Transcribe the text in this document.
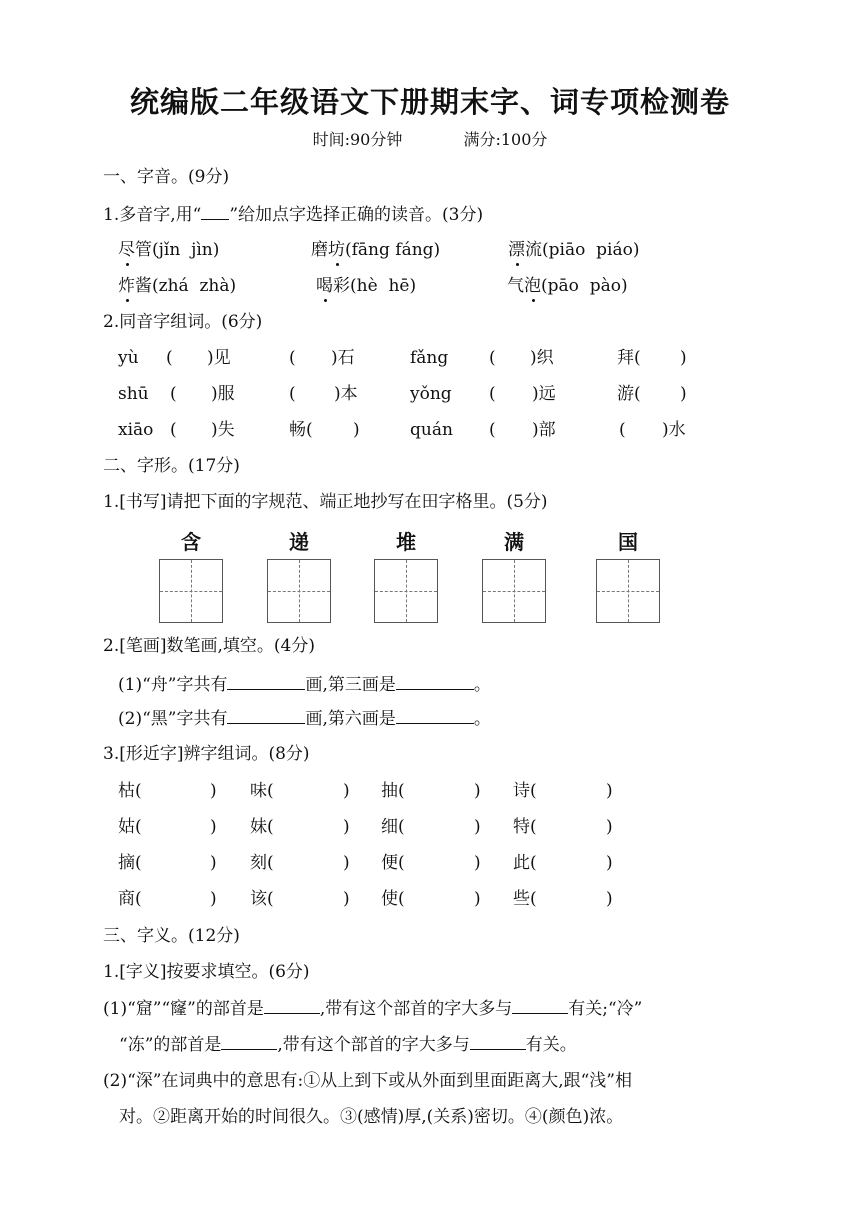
统编版二年级语文下册期末字、词专项检测卷
时间:90分钟	满分:100分
一、字音。(9分)
1.多音字,用“ ”给加点字选择正确的读音。(3分)
尽管(jǐn  jìn)	磨坊(fāng fáng)	漂流(piāo  piáo)
炸酱(zhá  zhà)	喝彩(hè  hē)	气泡(pāo  pào)
2.同音字组词。(6分)
yù ( )见	( )石	fǎng ( )织	拜( )
shū ( )服	( )本	yǒng ( )远	游( )
xiāo ( )失	畅( )	quán ( )部	( )水
二、字形。(17分)
1.[书写]请把下面的字规范、端正地抄写在田字格里。(5分)
含	递	堆	满	国
2.[笔画]数笔画,填空。(4分)
(1)“舟”字共有	画,第三画是	。
(2)“黑”字共有	画,第六画是	。
3.[形近字]辨字组词。(8分)
枯(	) 味(	) 抽(	) 诗(	)
姑(	) 妹(	) 细(	) 特(	)
摘(	) 刻(	) 便(	) 此(	)
商(	) 该(	) 使(	) 些(	)
三、字义。(12分)
1.[字义]按要求填空。(6分)
(1)“窟”“窿”的部首是	,带有这个部首的字大多与	有关;“冷”
“冻”的部首是	,带有这个部首的字大多与	有关。
(2)“深”在词典中的意思有:①从上到下或从外面到里面距离大,跟“浅”相
对。②距离开始的时间很久。③(感情)厚,(关系)密切。④(颜色)浓。
